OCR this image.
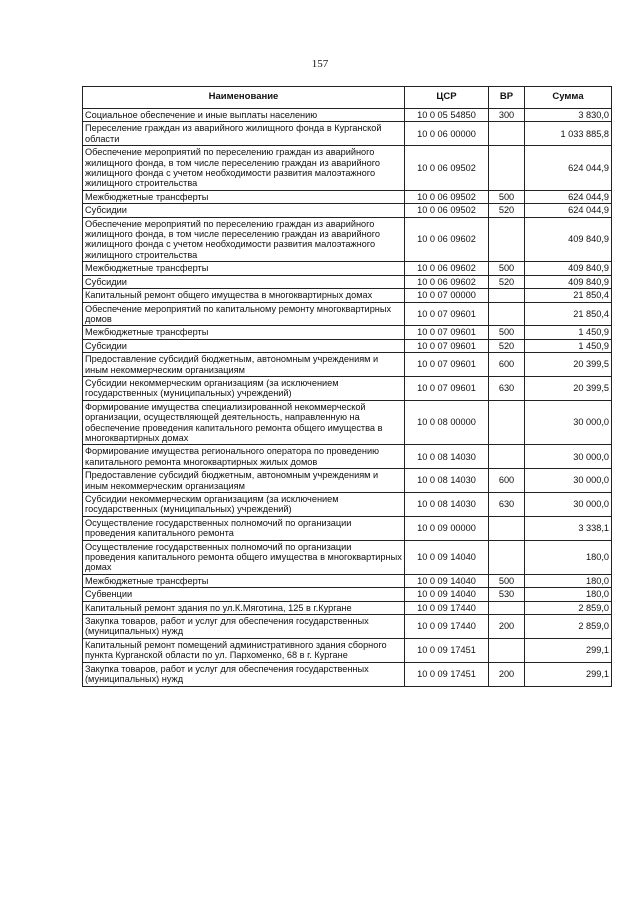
157
Наименование	ЦСР	ВР	Сумма
Социальное обеспечение и иные выплаты населению	10 0 05 54850	300	3 830,0
Переселение граждан из аварийного жилищного фонда в Курганской области	10 0 06 00000		1 033 885,8
Обеспечение мероприятий по переселению граждан из аварийного жилищного фонда, в том числе переселению граждан из аварийного жилищного фонда с учетом необходимости развития малоэтажного жилищного строительства	10 0 06 09502		624 044,9
Межбюджетные трансферты	10 0 06 09502	500	624 044,9
Субсидии	10 0 06 09502	520	624 044,9
Обеспечение мероприятий по переселению граждан из аварийного жилищного фонда, в том числе переселению граждан из аварийного жилищного фонда с учетом необходимости развития малоэтажного жилищного строительства	10 0 06 09602		409 840,9
Межбюджетные трансферты	10 0 06 09602	500	409 840,9
Субсидии	10 0 06 09602	520	409 840,9
Капитальный ремонт общего имущества в многоквартирных домах	10 0 07 00000		21 850,4
Обеспечение мероприятий по капитальному ремонту многоквартирных домов	10 0 07 09601		21 850,4
Межбюджетные трансферты	10 0 07 09601	500	1 450,9
Субсидии	10 0 07 09601	520	1 450,9
Предоставление субсидий бюджетным, автономным учреждениям и иным некоммерческим организациям	10 0 07 09601	600	20 399,5
Субсидии некоммерческим организациям (за исключением государственных (муниципальных) учреждений)	10 0 07 09601	630	20 399,5
Формирование имущества специализированной некоммерческой организации, осуществляющей деятельность, направленную на обеспечение проведения капитального ремонта общего имущества в многоквартирных домах	10 0 08 00000		30 000,0
Формирование имущества регионального оператора по проведению капитального ремонта многоквартирных жилых домов	10 0 08 14030		30 000,0
Предоставление субсидий бюджетным, автономным учреждениям и иным некоммерческим организациям	10 0 08 14030	600	30 000,0
Субсидии некоммерческим организациям (за исключением государственных (муниципальных) учреждений)	10 0 08 14030	630	30 000,0
Осуществление государственных полномочий по организации проведения капитального ремонта	10 0 09 00000		3 338,1
Осуществление государственных полномочий по организации проведения капитального ремонта общего имущества в многоквартирных домах	10 0 09 14040		180,0
Межбюджетные трансферты	10 0 09 14040	500	180,0
Субвенции	10 0 09 14040	530	180,0
Капитальный ремонт здания по ул.К.Мяготина, 125 в г.Кургане	10 0 09 17440		2 859,0
Закупка товаров, работ и услуг для обеспечения государственных (муниципальных) нужд	10 0 09 17440	200	2 859,0
Капитальный ремонт помещений административного здания сборного пункта Курганской области по ул. Пархоменко, 68 в г. Кургане	10 0 09 17451		299,1
Закупка товаров, работ и услуг для обеспечения государственных (муниципальных) нужд	10 0 09 17451	200	299,1
